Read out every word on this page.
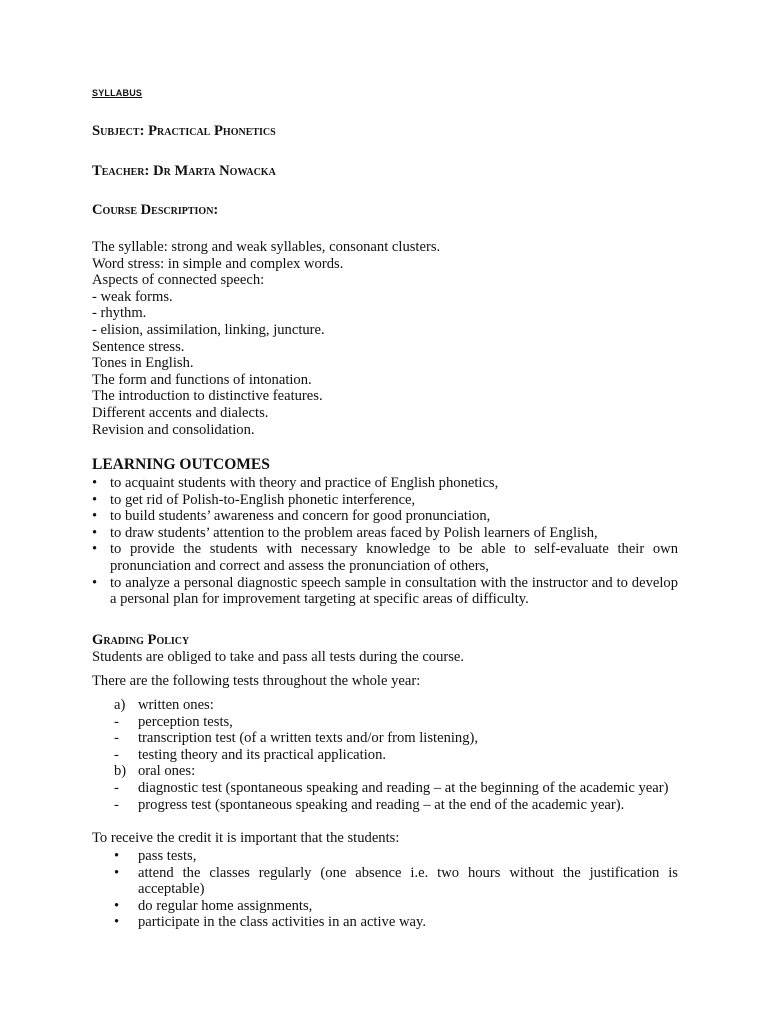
SYLLABUS
Subject: Practical Phonetics
Teacher: Dr Marta Nowacka
Course Description:
The syllable: strong and weak syllables, consonant clusters.
Word stress: in simple and complex words.
Aspects of connected speech:
- weak forms.
- rhythm.
- elision, assimilation, linking, juncture.
Sentence stress.
Tones in English.
The form and functions of intonation.
The introduction to distinctive features.
Different accents and dialects.
Revision and consolidation.
LEARNING OUTCOMES
• to acquaint students with theory and practice of English phonetics,
• to get rid of Polish-to-English phonetic interference,
• to build students’ awareness and concern for good pronunciation,
• to draw students’ attention to the problem areas faced by Polish learners of English,
• to provide the students with necessary knowledge to be able to self-evaluate their own pronunciation and correct and assess the pronunciation of others,
• to analyze a personal diagnostic speech sample in consultation with the instructor and to develop a personal plan for improvement targeting at specific areas of difficulty.
Grading Policy
Students are obliged to take and pass all tests during the course.
There are the following tests throughout the whole year:
a) written ones:
- perception tests,
- transcription test (of a written texts and/or from listening),
- testing theory and its practical application.
b) oral ones:
- diagnostic test (spontaneous speaking and reading – at the beginning of the academic year)
- progress test (spontaneous speaking and reading – at the end of the academic year).
To receive the credit it is important that the students:
• pass tests,
• attend the classes regularly (one absence i.e. two hours without the justification is acceptable)
• do regular home assignments,
• participate in the class activities in an active way.
